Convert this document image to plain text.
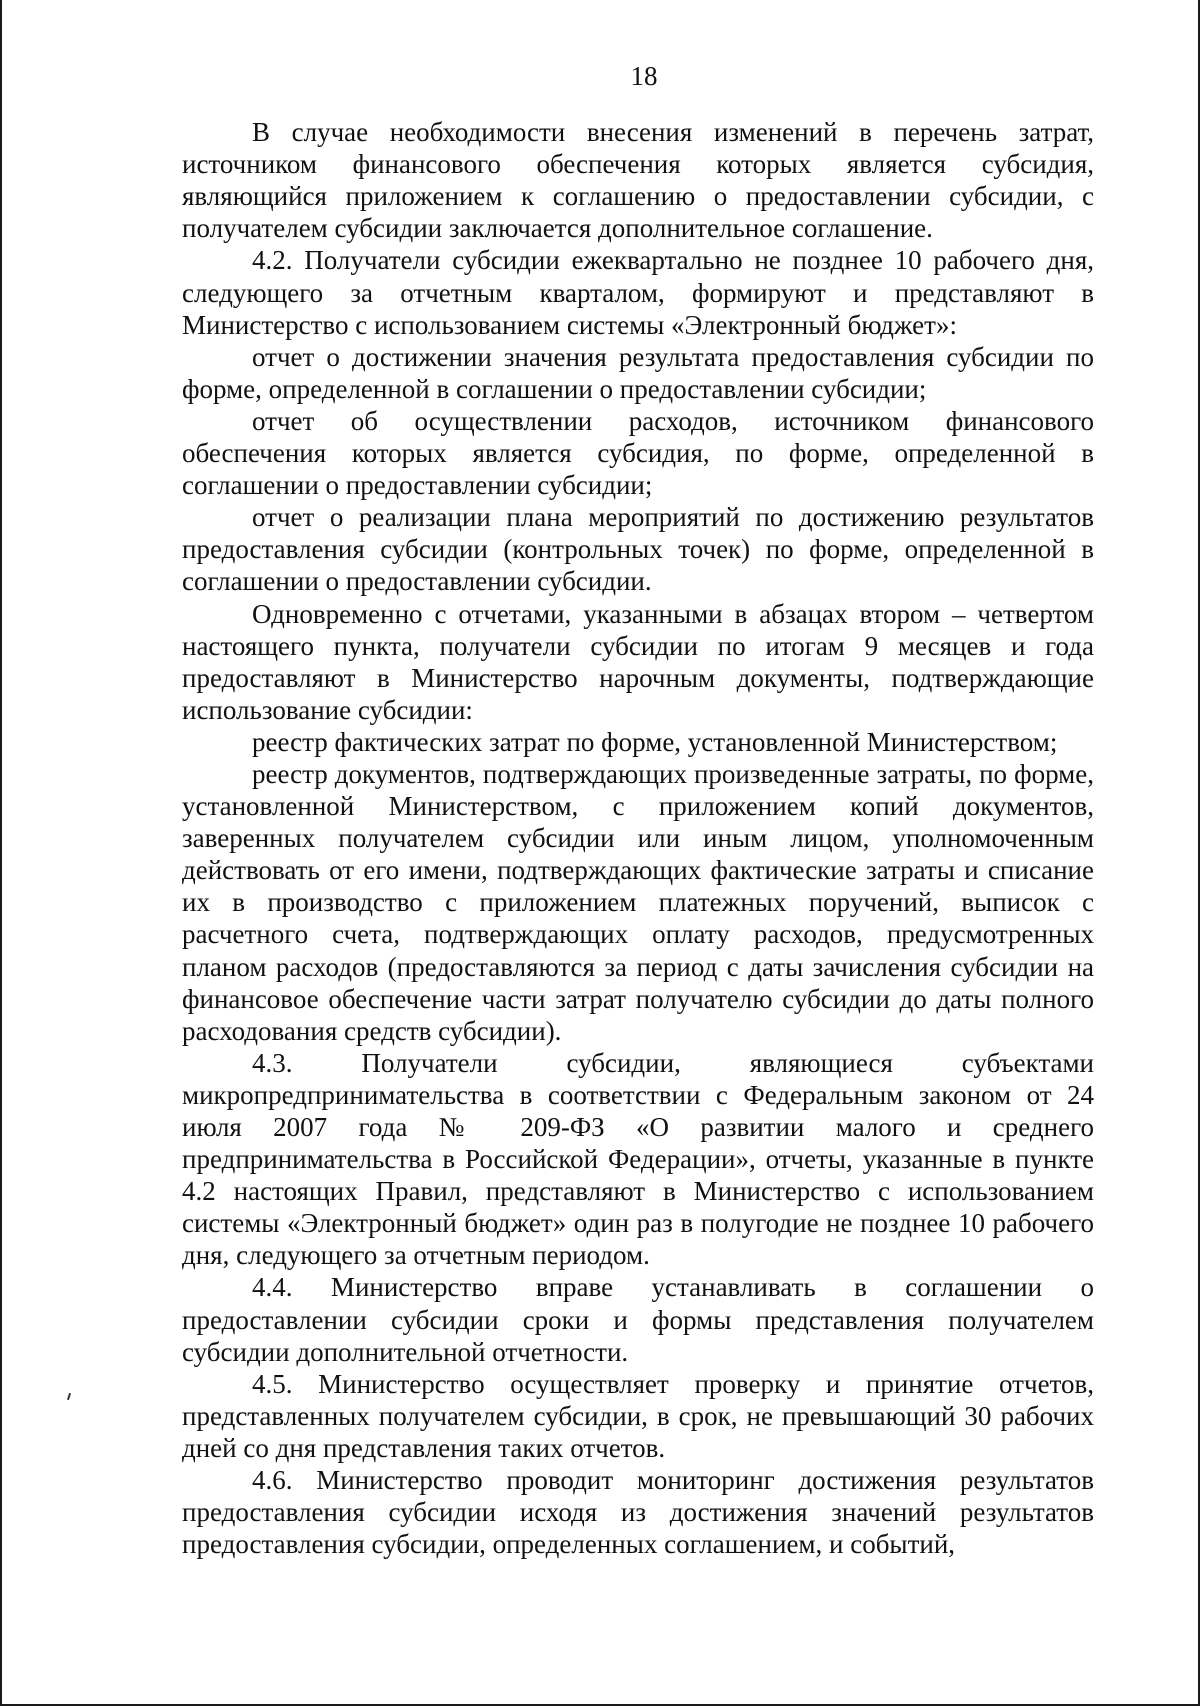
18

В случае необходимости внесения изменений в перечень затрат, источником финансового обеспечения которых является субсидия, являющийся приложением к соглашению о предоставлении субсидии, с получателем субсидии заключается дополнительное соглашение.

4.2. Получатели субсидии ежеквартально не позднее 10 рабочего дня, следующего за отчетным кварталом, формируют и представляют в Министерство с использованием системы «Электронный бюджет»:

отчет о достижении значения результата предоставления субсидии по форме, определенной в соглашении о предоставлении субсидии;

отчет об осуществлении расходов, источником финансового обеспечения которых является субсидия, по форме, определенной в соглашении о предоставлении субсидии;

отчет о реализации плана мероприятий по достижению результатов предоставления субсидии (контрольных точек) по форме, определенной в соглашении о предоставлении субсидии.

Одновременно с отчетами, указанными в абзацах втором – четвертом настоящего пункта, получатели субсидии по итогам 9 месяцев и года предоставляют в Министерство нарочным документы, подтверждающие использование субсидии:

реестр фактических затрат по форме, установленной Министерством;

реестр документов, подтверждающих произведенные затраты, по форме, установленной Министерством, с приложением копий документов, заверенных получателем субсидии или иным лицом, уполномоченным действовать от его имени, подтверждающих фактические затраты и списание их в производство с приложением платежных поручений, выписок с расчетного счета, подтверждающих оплату расходов, предусмотренных планом расходов (предоставляются за период с даты зачисления субсидии на финансовое обеспечение части затрат получателю субсидии до даты полного расходования средств субсидии).

4.3. Получатели субсидии, являющиеся субъектами микропредпринимательства в соответствии с Федеральным законом от 24 июля 2007 года № 209-ФЗ «О развитии малого и среднего предпринимательства в Российской Федерации», отчеты, указанные в пункте 4.2 настоящих Правил, представляют в Министерство с использованием системы «Электронный бюджет» один раз в полугодие не позднее 10 рабочего дня, следующего за отчетным периодом.

4.4. Министерство вправе устанавливать в соглашении о предоставлении субсидии сроки и формы представления получателем субсидии дополнительной отчетности.

4.5. Министерство осуществляет проверку и принятие отчетов, представленных получателем субсидии, в срок, не превышающий 30 рабочих дней со дня представления таких отчетов.

4.6. Министерство проводит мониторинг достижения результатов предоставления субсидии исходя из достижения значений результатов предоставления субсидии, определенных соглашением, и событий,
